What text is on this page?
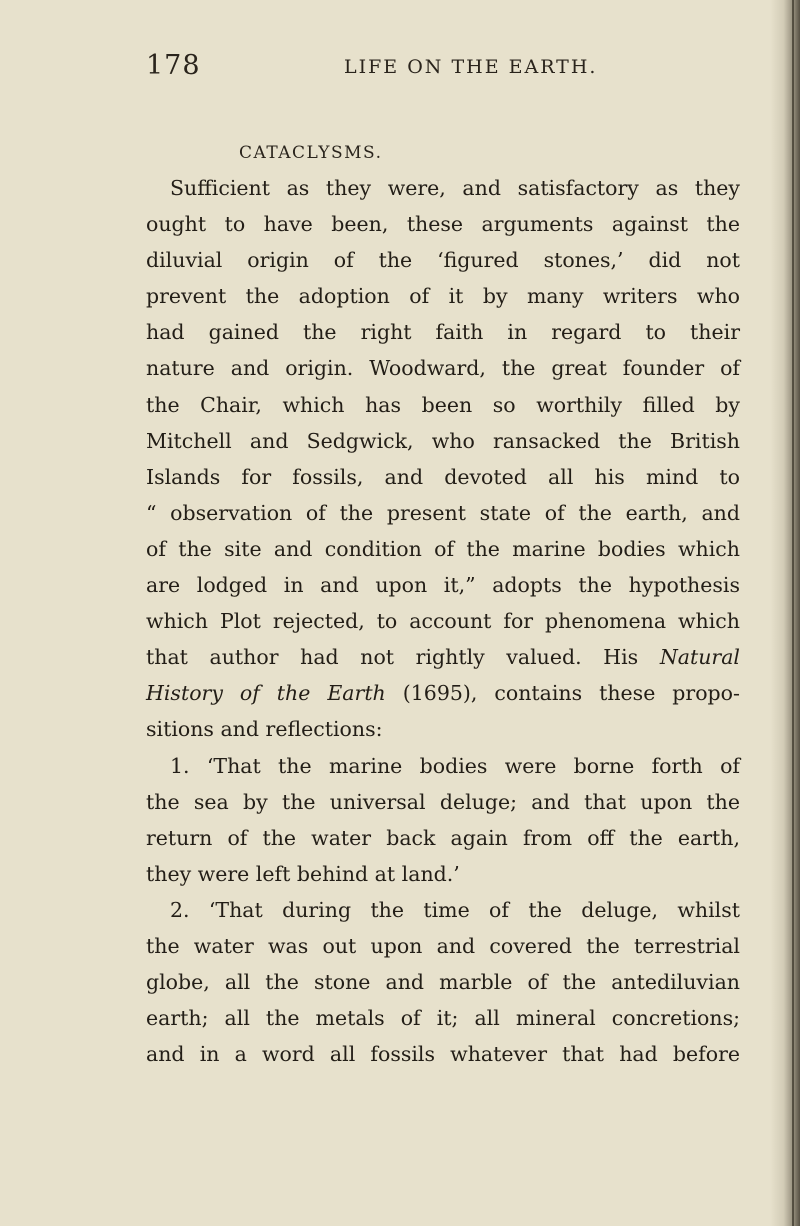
178	LIFE ON THE EARTH.
CATACLYSMS.

Sufficient as they were, and satisfactory as they

ought to have been, these arguments against the

diluvial origin of the ‘figured stones,’ did not

prevent the adoption of it by many writers who

had gained the right faith in regard to their

nature and origin. Woodward, the great founder of

the Chair, which has been so worthily filled by

Mitchell and Sedgwick, who ransacked the British

Islands for fossils, and devoted all his mind to

“ observation of the present state of the earth, and

of the site and condition of the marine bodies which

are lodged in and upon it,” adopts the hypothesis

which Plot rejected, to account for phenomena which

that author had not rightly valued. His Natural

History of the Earth (1695), contains these propo-

sitions and reflections:

1. ‘That the marine bodies were borne forth of

the sea by the universal deluge; and that upon the

return of the water back again from off the earth,

they were left behind at land.’

2. ‘That during the time of the deluge, whilst

the water was out upon and covered the terrestrial

globe, all the stone and marble of the antediluvian

earth; all the metals of it; all mineral concretions;

and in a word all fossils whatever that had before
